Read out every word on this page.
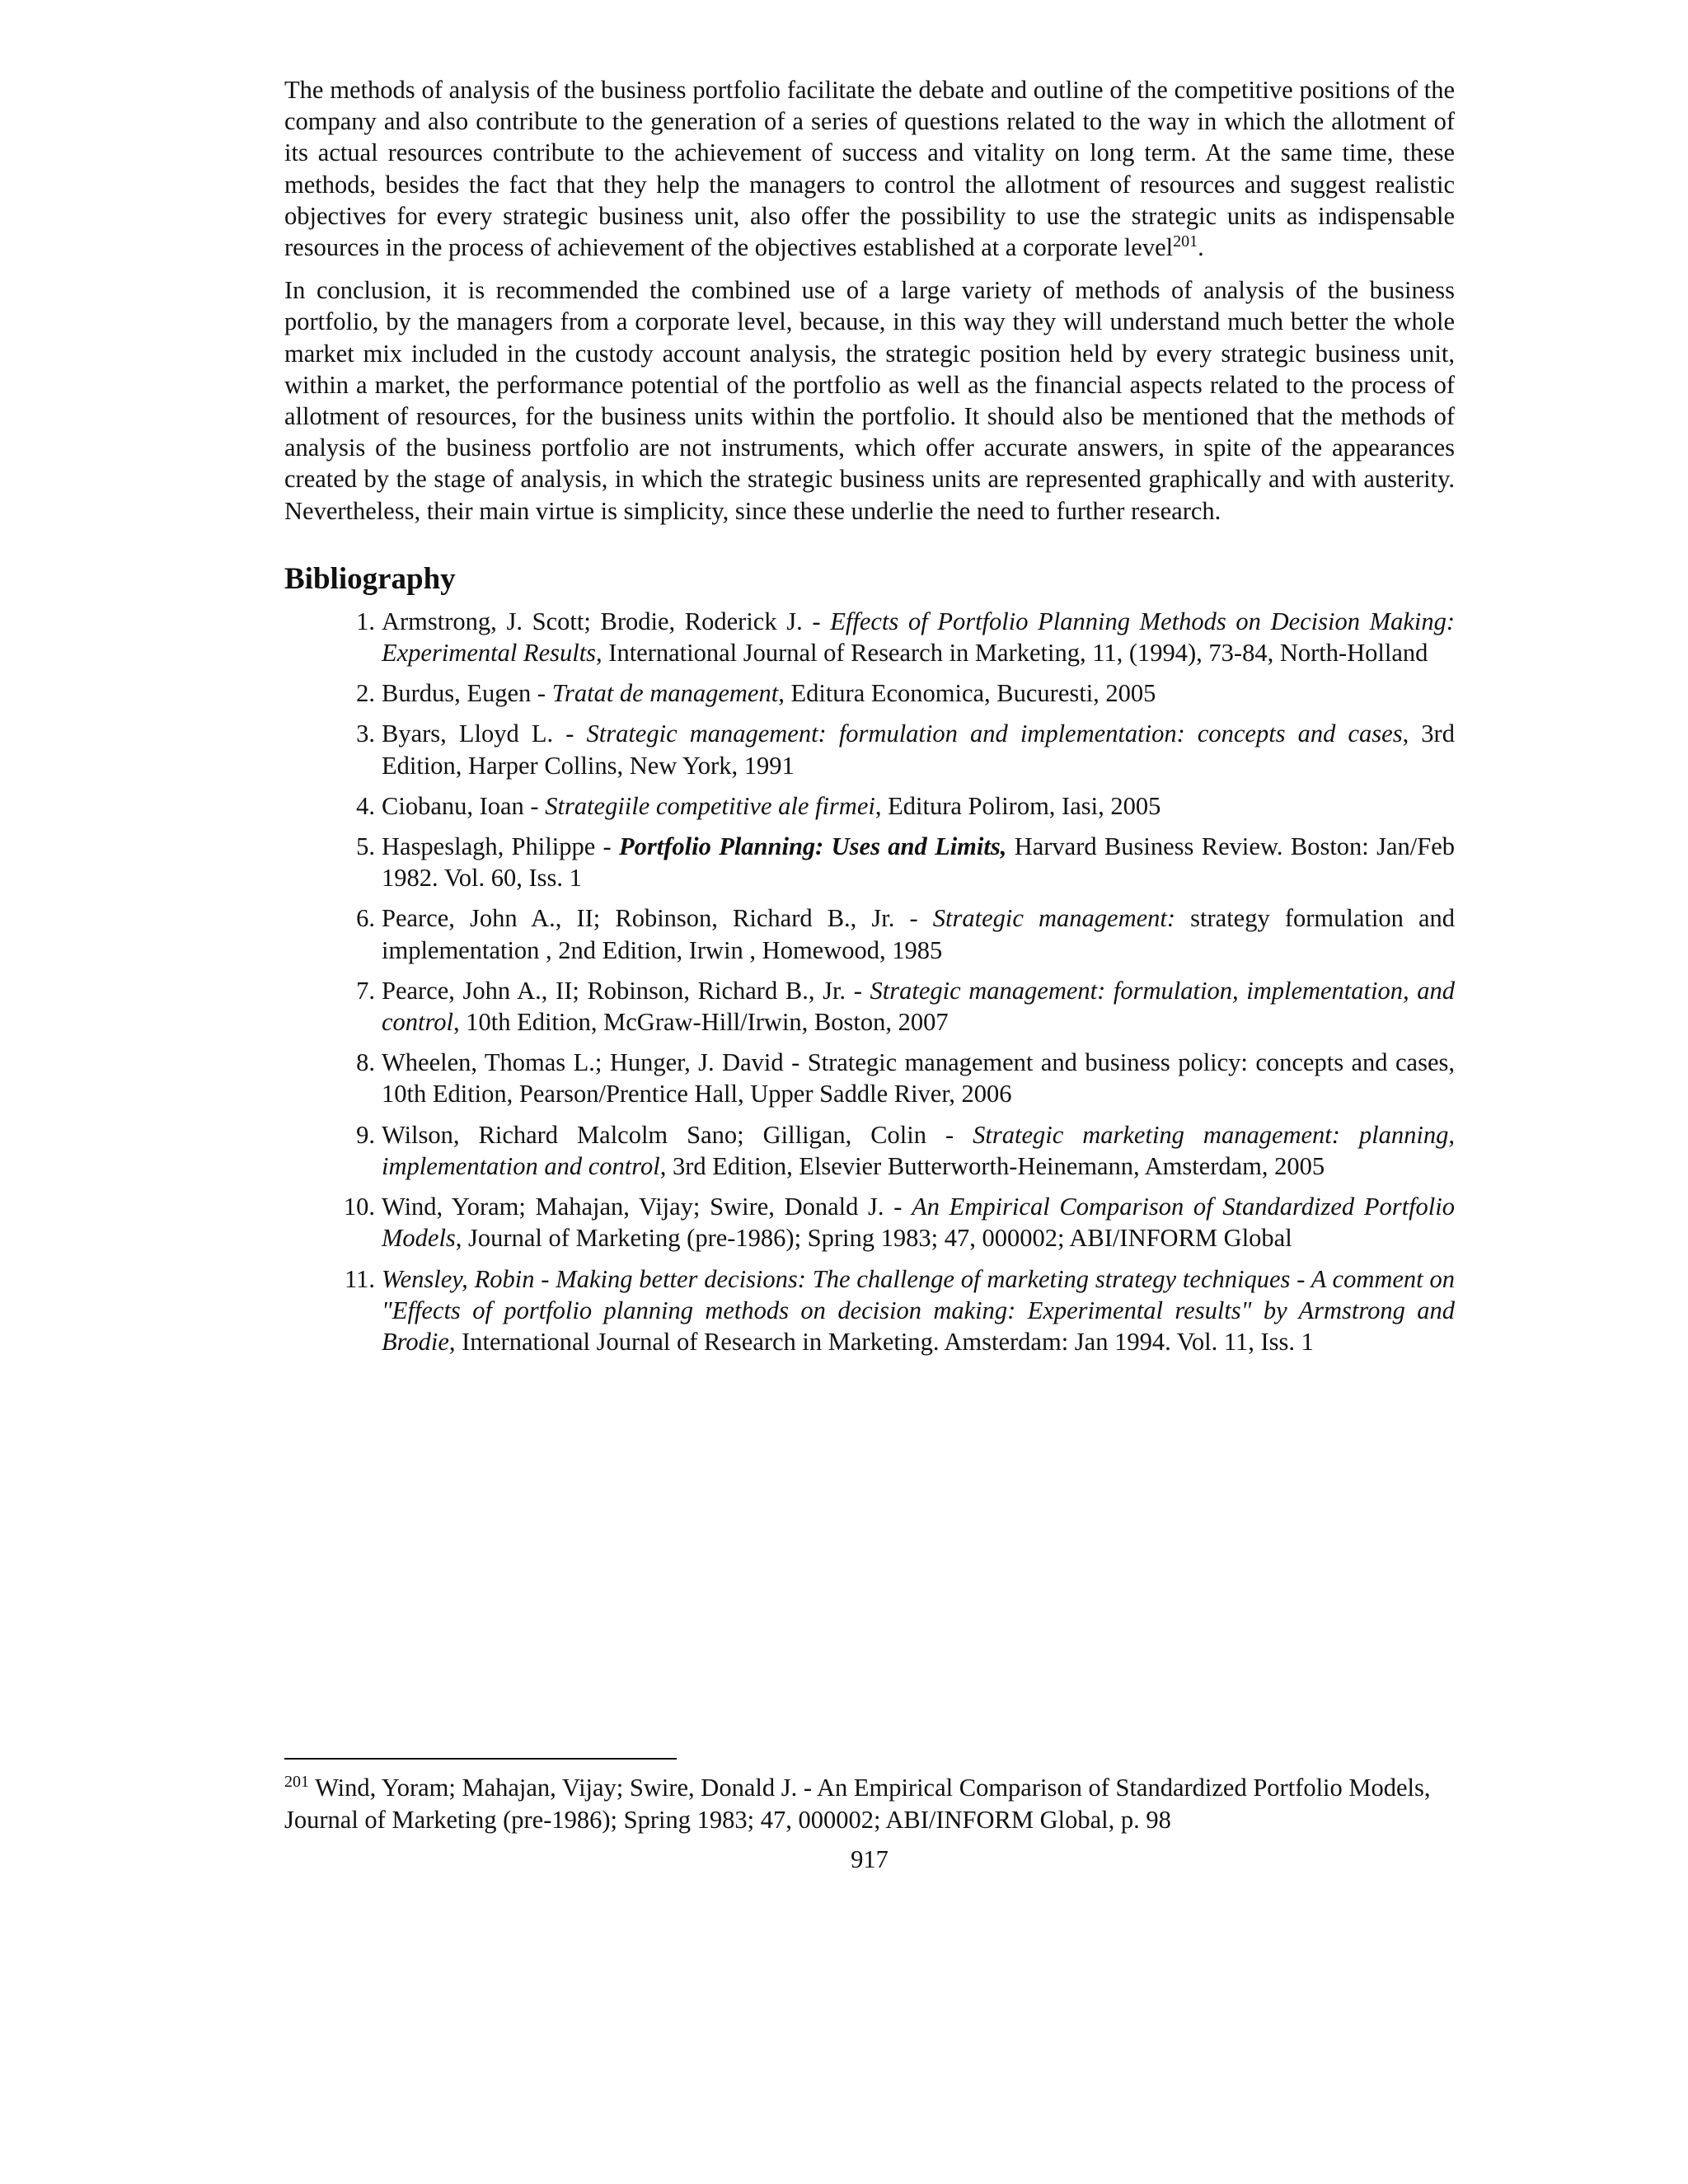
The methods of analysis of the business portfolio facilitate the debate and outline of the competitive positions of the company and also contribute to the generation of a series of questions related to the way in which the allotment of its actual resources contribute to the achievement of success and vitality on long term. At the same time, these methods, besides the fact that they help the managers to control the allotment of resources and suggest realistic objectives for every strategic business unit, also offer the possibility to use the strategic units as indispensable resources in the process of achievement of the objectives established at a corporate level$^{201}$.

In conclusion, it is recommended the combined use of a large variety of methods of analysis of the business portfolio, by the managers from a corporate level, because, in this way they will understand much better the whole market mix included in the custody account analysis, the strategic position held by every strategic business unit, within a market, the performance potential of the portfolio as well as the financial aspects related to the process of allotment of resources, for the business units within the portfolio. It should also be mentioned that the methods of analysis of the business portfolio are not instruments, which offer accurate answers, in spite of the appearances created by the stage of analysis, in which the strategic business units are represented graphically and with austerity. Nevertheless, their main virtue is simplicity, since these underlie the need to further research.

Bibliography
1. Armstrong, J. Scott; Brodie, Roderick J. - Effects of Portfolio Planning Methods on Decision Making: Experimental Results, International Journal of Research in Marketing, 11, (1994), 73-84, North-Holland
2. Burdus, Eugen - Tratat de management, Editura Economica, Bucuresti, 2005
3. Byars, Lloyd L. - Strategic management: formulation and implementation: concepts and cases, 3rd Edition, Harper Collins, New York, 1991
4. Ciobanu, Ioan - Strategiile competitive ale firmei, Editura Polirom, Iasi, 2005
5. Haspeslagh, Philippe - Portfolio Planning: Uses and Limits, Harvard Business Review. Boston: Jan/Feb 1982. Vol. 60, Iss. 1
6. Pearce, John A., II; Robinson, Richard B., Jr. - Strategic management: strategy formulation and implementation , 2nd Edition, Irwin , Homewood, 1985
7. Pearce, John A., II; Robinson, Richard B., Jr. - Strategic management: formulation, implementation, and control, 10th Edition, McGraw-Hill/Irwin, Boston, 2007
8. Wheelen, Thomas L.; Hunger, J. David - Strategic management and business policy: concepts and cases, 10th Edition, Pearson/Prentice Hall, Upper Saddle River, 2006
9. Wilson, Richard Malcolm Sano; Gilligan, Colin - Strategic marketing management: planning, implementation and control, 3rd Edition, Elsevier Butterworth-Heinemann, Amsterdam, 2005
10. Wind, Yoram; Mahajan, Vijay; Swire, Donald J. - An Empirical Comparison of Standardized Portfolio Models, Journal of Marketing (pre-1986); Spring 1983; 47, 000002; ABI/INFORM Global
11. Wensley, Robin - Making better decisions: The challenge of marketing strategy techniques - A comment on "Effects of portfolio planning methods on decision making: Experimental results" by Armstrong and Brodie, International Journal of Research in Marketing. Amsterdam: Jan 1994. Vol. 11, Iss. 1
$^{201}$ Wind, Yoram; Mahajan, Vijay; Swire, Donald J. - An Empirical Comparison of Standardized Portfolio Models, Journal of Marketing (pre-1986); Spring 1983; 47, 000002; ABI/INFORM Global, p. 98
917
